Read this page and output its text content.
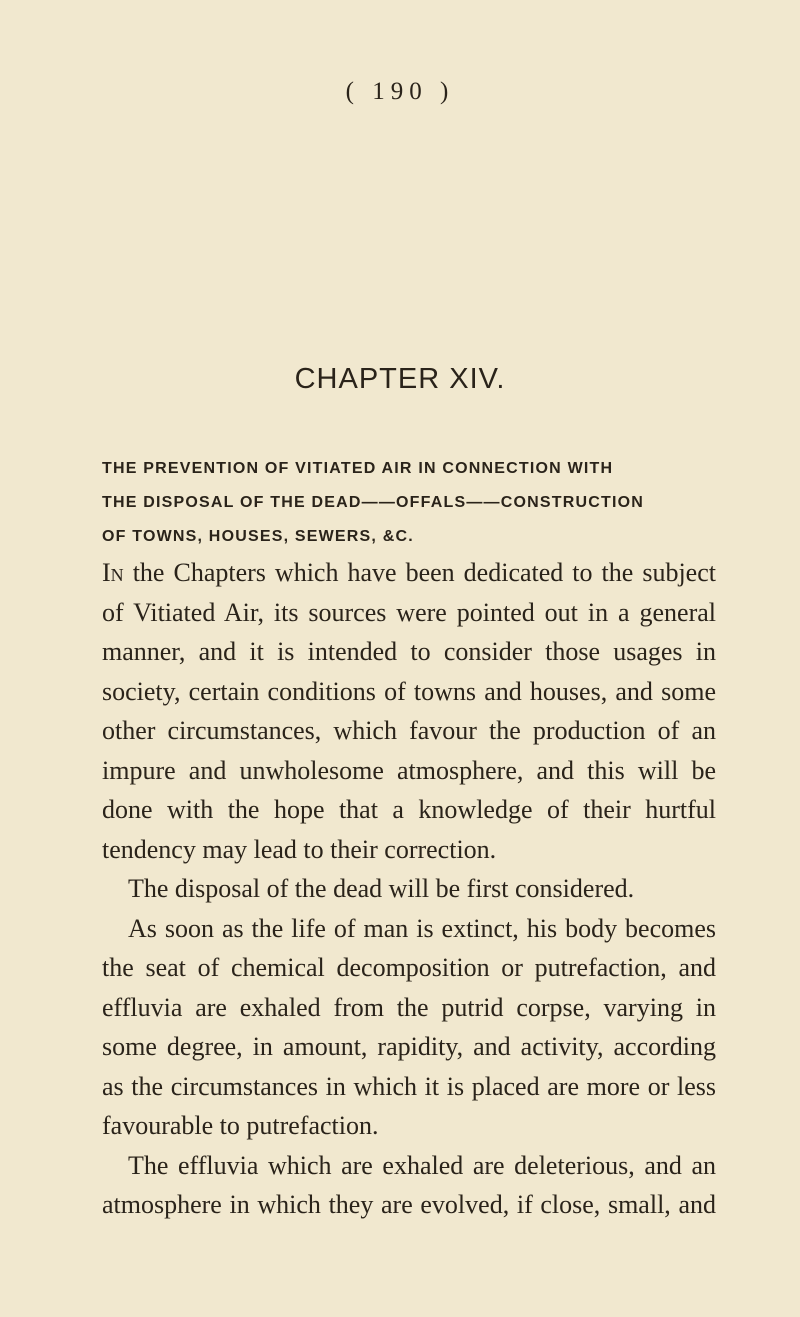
( 190 )
CHAPTER XIV.
THE PREVENTION OF VITIATED AIR IN CONNECTION WITH
THE DISPOSAL OF THE DEAD——OFFALS——CONSTRUCTION
OF TOWNS, HOUSES, SEWERS, &C.

In the Chapters which have been dedicated to the subject of Vitiated Air, its sources were pointed out in a general manner, and it is intended to consider those usages in society, certain conditions of towns and houses, and some other circumstances, which favour the production of an impure and unwholesome atmosphere, and this will be done with the hope that a knowledge of their hurtful tendency may lead to their correction.

The disposal of the dead will be first considered.

As soon as the life of man is extinct, his body becomes the seat of chemical decomposition or putrefaction, and effluvia are exhaled from the putrid corpse, varying in some degree, in amount, rapidity, and activity, according as the circumstances in which it is placed are more or less favourable to putrefaction.

The effluvia which are exhaled are deleterious, and an atmosphere in which they are evolved, if close, small, and
